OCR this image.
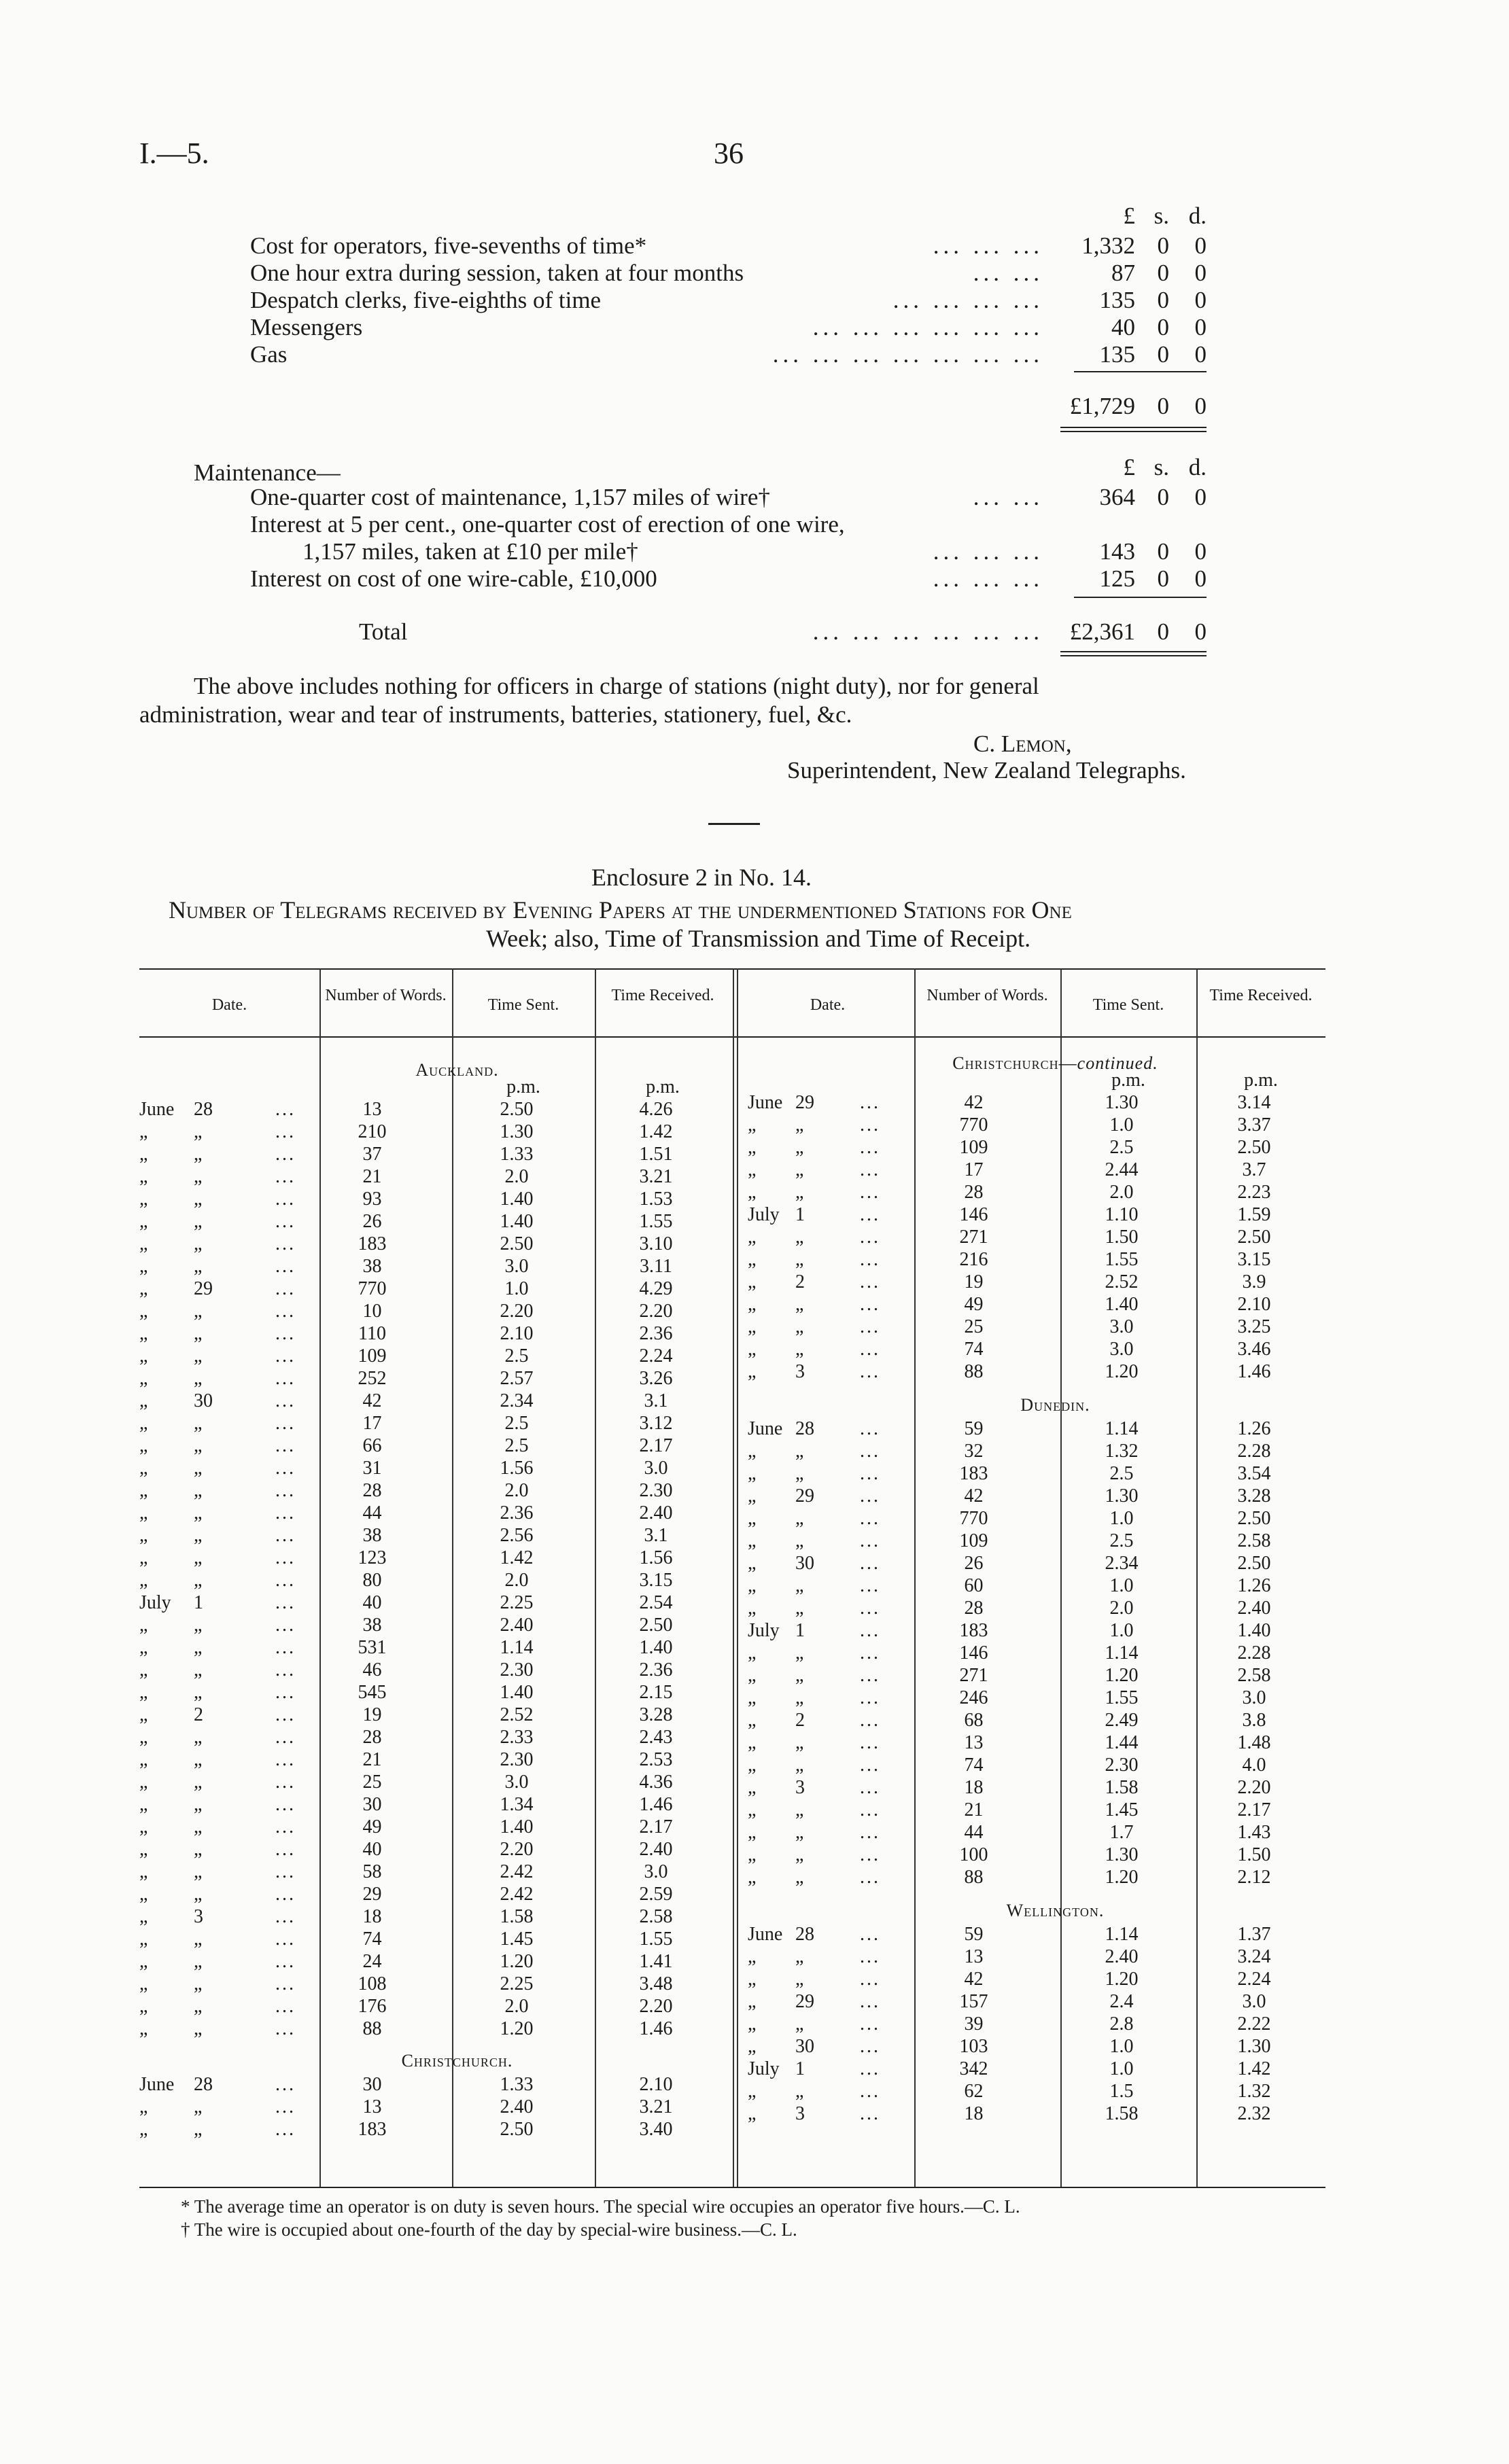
I.—5.	36
£ s. d.
Cost for operators, five-sevenths of time*	... ... ...	1,332 0	0
One hour extra during session, taken at four months	... ...	87 0	0
Despatch clerks, five-eighths of time	... ... ... ...	135 0	0
Messengers	... ... ... ... ... ...	40 0	0
Gas	... ... ... ... ... ... ...	135 0	0
£1,729 0	0
Maintenance—	£ s. d.
One-quarter cost of maintenance, 1,157 miles of wire†	... ...	364 0	0
Interest at 5 per cent., one-quarter cost of erection of one wire,
1,157 miles, taken at £10 per mile†	... ... ...	143 0	0
Interest on cost of one wire-cable, £10,000	... ... ...	125 0	0
Total	... ... ... ... ... ...	£2,361 0	0
The above includes nothing for officers in charge of stations (night duty), nor for general
administration, wear and tear of instruments, batteries, stationery, fuel, &c.
C. Lemon,
Superintendent, New Zealand Telegraphs.
Enclosure 2 in No. 14.
Number of Telegrams received by Evening Papers at the undermentioned Stations for One
Week; also, Time of Transmission and Time of Receipt.
Date.
Number of Words.
Time Sent.
Time Received.
Date.
Number of Words.
Time Sent.
Time Received.
Auckland.
p.m.	p.m.
June	28	...	13	2.50	4.26
„	„	...	210	1.30	1.42
„	„	...	37	1.33	1.51
„	„	...	21	2.0	3.21
„	„	...	93	1.40	1.53
„	„	...	26	1.40	1.55
„	„	...	183	2.50	3.10
„	„	...	38	3.0	3.11
„	29	...	770	1.0	4.29
„	„	...	10	2.20	2.20
„	„	...	110	2.10	2.36
„	„	...	109	2.5	2.24
„	„	...	252	2.57	3.26
„	30	...	42	2.34	3.1
„	„	...	17	2.5	3.12
„	„	...	66	2.5	2.17
„	„	...	31	1.56	3.0
„	„	...	28	2.0	2.30
„	„	...	44	2.36	2.40
„	„	...	38	2.56	3.1
„	„	...	123	1.42	1.56
„	„	...	80	2.0	3.15
July	1	...	40	2.25	2.54
„	„	...	38	2.40	2.50
„	„	...	531	1.14	1.40
„	„	...	46	2.30	2.36
„	„	...	545	1.40	2.15
„	2	...	19	2.52	3.28
„	„	...	28	2.33	2.43
„	„	...	21	2.30	2.53
„	„	...	25	3.0	4.36
„	„	...	30	1.34	1.46
„	„	...	49	1.40	2.17
„	„	...	40	2.20	2.40
„	„	...	58	2.42	3.0
„	„	...	29	2.42	2.59
„	3	...	18	1.58	2.58
„	„	...	74	1.45	1.55
„	„	...	24	1.20	1.41
„	„	...	108	2.25	3.48
„	„	...	176	2.0	2.20
„	„	...	88	1.20	1.46
Christchurch.
June	28	...	30	1.33	2.10
„	„	...	13	2.40	3.21
„	„	...	183	2.50	3.40
Christchurch—continued.
p.m.	p.m.
June 29	...	42	1.30	3.14
„	„	...	770	1.0	3.37
„	„	...	109	2.5	2.50
„	„	...	17	2.44	3.7
„	„	...	28	2.0	2.23
July 1	...	146	1.10	1.59
„	„	...	271	1.50	2.50
„	„	...	216	1.55	3.15
„	2	...	19	2.52	3.9
„	„	...	49	1.40	2.10
„	„	...	25	3.0	3.25
„	„	...	74	3.0	3.46
„	3	...	88	1.20	1.46
Dunedin.
June 28	...	59	1.14	1.26
„	„	...	32	1.32	2.28
„	„	...	183	2.5	3.54
„	29	...	42	1.30	3.28
„	„	...	770	1.0	2.50
„	„	...	109	2.5	2.58
„	30	...	26	2.34	2.50
„	„	...	60	1.0	1.26
„	„	...	28	2.0	2.40
July 1	...	183	1.0	1.40
„	„	...	146	1.14	2.28
„	„	...	271	1.20	2.58
„	„	...	246	1.55	3.0
„	2	...	68	2.49	3.8
„	„	...	13	1.44	1.48
„	„	...	74	2.30	4.0
„	3	...	18	1.58	2.20
„	„	...	21	1.45	2.17
„	„	...	44	1.7	1.43
„	„	...	100	1.30	1.50
„	„	...	88	1.20	2.12
Wellington.
June 28	...	59	1.14	1.37
„	„	...	13	2.40	3.24
„	„	...	42	1.20	2.24
„	29	...	157	2.4	3.0
„	„	...	39	2.8	2.22
„	30	...	103	1.0	1.30
July 1	...	342	1.0	1.42
„	„	...	62	1.5	1.32
„	3	...	18	1.58	2.32
* The average time an operator is on duty is seven hours. The special wire occupies an operator five hours.—C. L.
† The wire is occupied about one-fourth of the day by special-wire business.—C. L.
